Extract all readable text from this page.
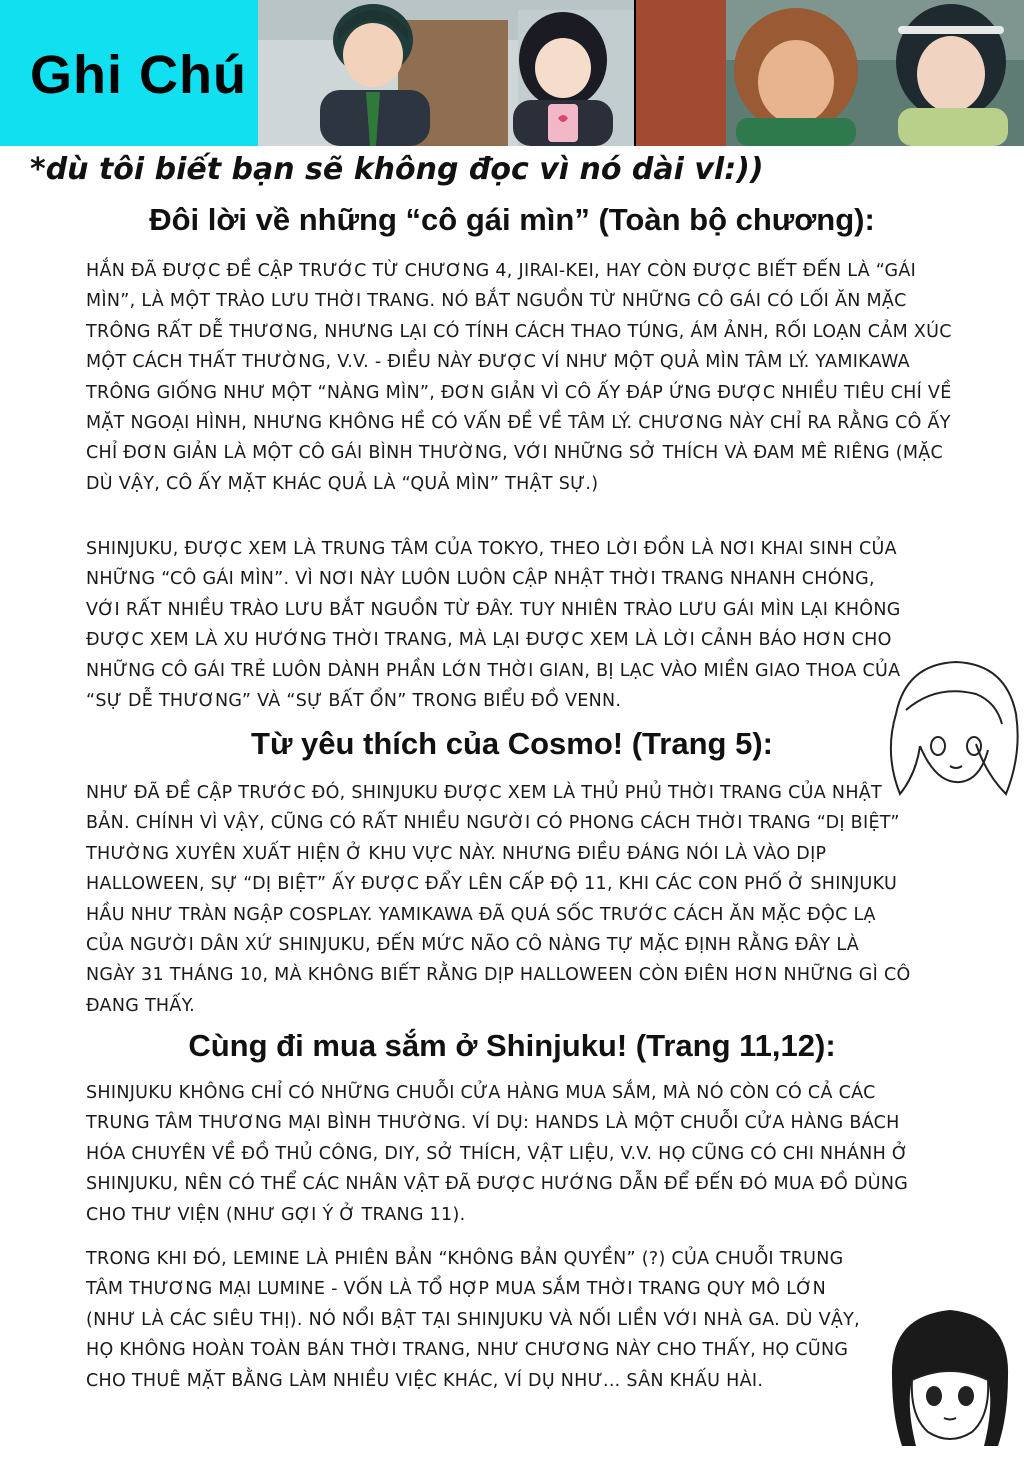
Ghi Chú
*dù tôi biết bạn sẽ không đọc vì nó dài vl:))
Đôi lời về những “cô gái mìn” (Toàn bộ chương):
HẮN ĐÃ ĐƯỢC ĐỀ CẬP TRƯỚC TỪ CHƯƠNG 4, JIRAI-KEI, HAY CÒN ĐƯỢC BIẾT ĐẾN LÀ “GÁI MÌN”, LÀ MỘT TRÀO LƯU THỜI TRANG. NÓ BẮT NGUỒN TỪ NHỮNG CÔ GÁI CÓ LỐI ĂN MẶC TRÔNG RẤT DỄ THƯƠNG, NHƯNG LẠI CÓ TÍNH CÁCH THAO TÚNG, ÁM ẢNH, RỐI LOẠN CẢM XÚC MỘT CÁCH THẤT THƯỜNG, V.V. - ĐIỀU NÀY ĐƯỢC VÍ NHƯ MỘT QUẢ MÌN TÂM LÝ. YAMIKAWA TRÔNG GIỐNG NHƯ MỘT “NÀNG MÌN”, ĐƠN GIẢN VÌ CÔ ẤY ĐÁP ỨNG ĐƯỢC NHIỀU TIÊU CHÍ VỀ MẶT NGOẠI HÌNH, NHƯNG KHÔNG HỀ CÓ VẤN ĐỀ VỀ TÂM LÝ. CHƯƠNG NÀY CHỈ RA RẰNG CÔ ẤY CHỈ ĐƠN GIẢN LÀ MỘT CÔ GÁI BÌNH THƯỜNG, VỚI NHỮNG SỞ THÍCH VÀ ĐAM MÊ RIÊNG (MẶC DÙ VẬY, CÔ ẤY MẶT KHÁC QUẢ LÀ “QUẢ MÌN” THẬT SỰ.)
SHINJUKU, ĐƯỢC XEM LÀ TRUNG TÂM CỦA TOKYO, THEO LỜI ĐỒN LÀ NƠI KHAI SINH CỦA NHỮNG “CÔ GÁI MÌN”. VÌ NƠI NÀY LUÔN LUÔN CẬP NHẬT THỜI TRANG NHANH CHÓNG, VỚI RẤT NHIỀU TRÀO LƯU BẮT NGUỒN TỪ ĐÂY. TUY NHIÊN TRÀO LƯU GÁI MÌN LẠI KHÔNG ĐƯỢC XEM LÀ XU HƯỚNG THỜI TRANG, MÀ LẠI ĐƯỢC XEM LÀ LỜI CẢNH BÁO HƠN CHO NHỮNG CÔ GÁI TRẺ LUÔN DÀNH PHẦN LỚN THỜI GIAN, BỊ LẠC VÀO MIỀN GIAO THOA CỦA “SỰ DỄ THƯƠNG” VÀ “SỰ BẤT ỔN” TRONG BIỂU ĐỒ VENN.
Từ yêu thích của Cosmo! (Trang 5):
NHƯ ĐÃ ĐỀ CẬP TRƯỚC ĐÓ, SHINJUKU ĐƯỢC XEM LÀ THỦ PHỦ THỜI TRANG CỦA NHẬT BẢN. CHÍNH VÌ VẬY, CŨNG CÓ RẤT NHIỀU NGƯỜI CÓ PHONG CÁCH THỜI TRANG “DỊ BIỆT” THƯỜNG XUYÊN XUẤT HIỆN Ở KHU VỰC NÀY. NHƯNG ĐIỀU ĐÁNG NÓI LÀ VÀO DỊP HALLOWEEN, SỰ “DỊ BIỆT” ẤY ĐƯỢC ĐẨY LÊN CẤP ĐỘ 11, KHI CÁC CON PHỐ Ở SHINJUKU HẦU NHƯ TRÀN NGẬP COSPLAY. YAMIKAWA ĐÃ QUÁ SỐC TRƯỚC CÁCH ĂN MẶC ĐỘC LẠ CỦA NGƯỜI DÂN XỨ SHINJUKU, ĐẾN MỨC NÃO CÔ NÀNG TỰ MẶC ĐỊNH RẰNG ĐÂY LÀ NGÀY 31 THÁNG 10, MÀ KHÔNG BIẾT RẰNG DỊP HALLOWEEN CÒN ĐIÊN HƠN NHỮNG GÌ CÔ ĐANG THẤY.
Cùng đi mua sắm ở Shinjuku! (Trang 11,12):
SHINJUKU KHÔNG CHỈ CÓ NHỮNG CHUỖI CỬA HÀNG MUA SẮM, MÀ NÓ CÒN CÓ CẢ CÁC TRUNG TÂM THƯƠNG MẠI BÌNH THƯỜNG. VÍ DỤ: HANDS LÀ MỘT CHUỖI CỬA HÀNG BÁCH HÓA CHUYÊN VỀ ĐỒ THỦ CÔNG, DIY, SỞ THÍCH, VẬT LIỆU, V.V. HỌ CŨNG CÓ CHI NHÁNH Ở SHINJUKU, NÊN CÓ THỂ CÁC NHÂN VẬT ĐÃ ĐƯỢC HƯỚNG DẪN ĐỂ ĐẾN ĐÓ MUA ĐỒ DÙNG CHO THƯ VIỆN (NHƯ GỢI Ý Ở TRANG 11).
TRONG KHI ĐÓ, LEMINE LÀ PHIÊN BẢN “KHÔNG BẢN QUYỀN” (?) CỦA CHUỖI TRUNG TÂM THƯƠNG MẠI LUMINE - VỐN LÀ TỔ HỢP MUA SẮM THỜI TRANG QUY MÔ LỚN (NHƯ LÀ CÁC SIÊU THỊ). NÓ NỔI BẬT TẠI SHINJUKU VÀ NỐI LIỀN VỚI NHÀ GA. DÙ VẬY, HỌ KHÔNG HOÀN TOÀN BÁN THỜI TRANG, NHƯ CHƯƠNG NÀY CHO THẤY, HỌ CŨNG CHO THUÊ MẶT BẰNG LÀM NHIỀU VIỆC KHÁC, VÍ DỤ NHƯ... SÂN KHẤU HÀI.
